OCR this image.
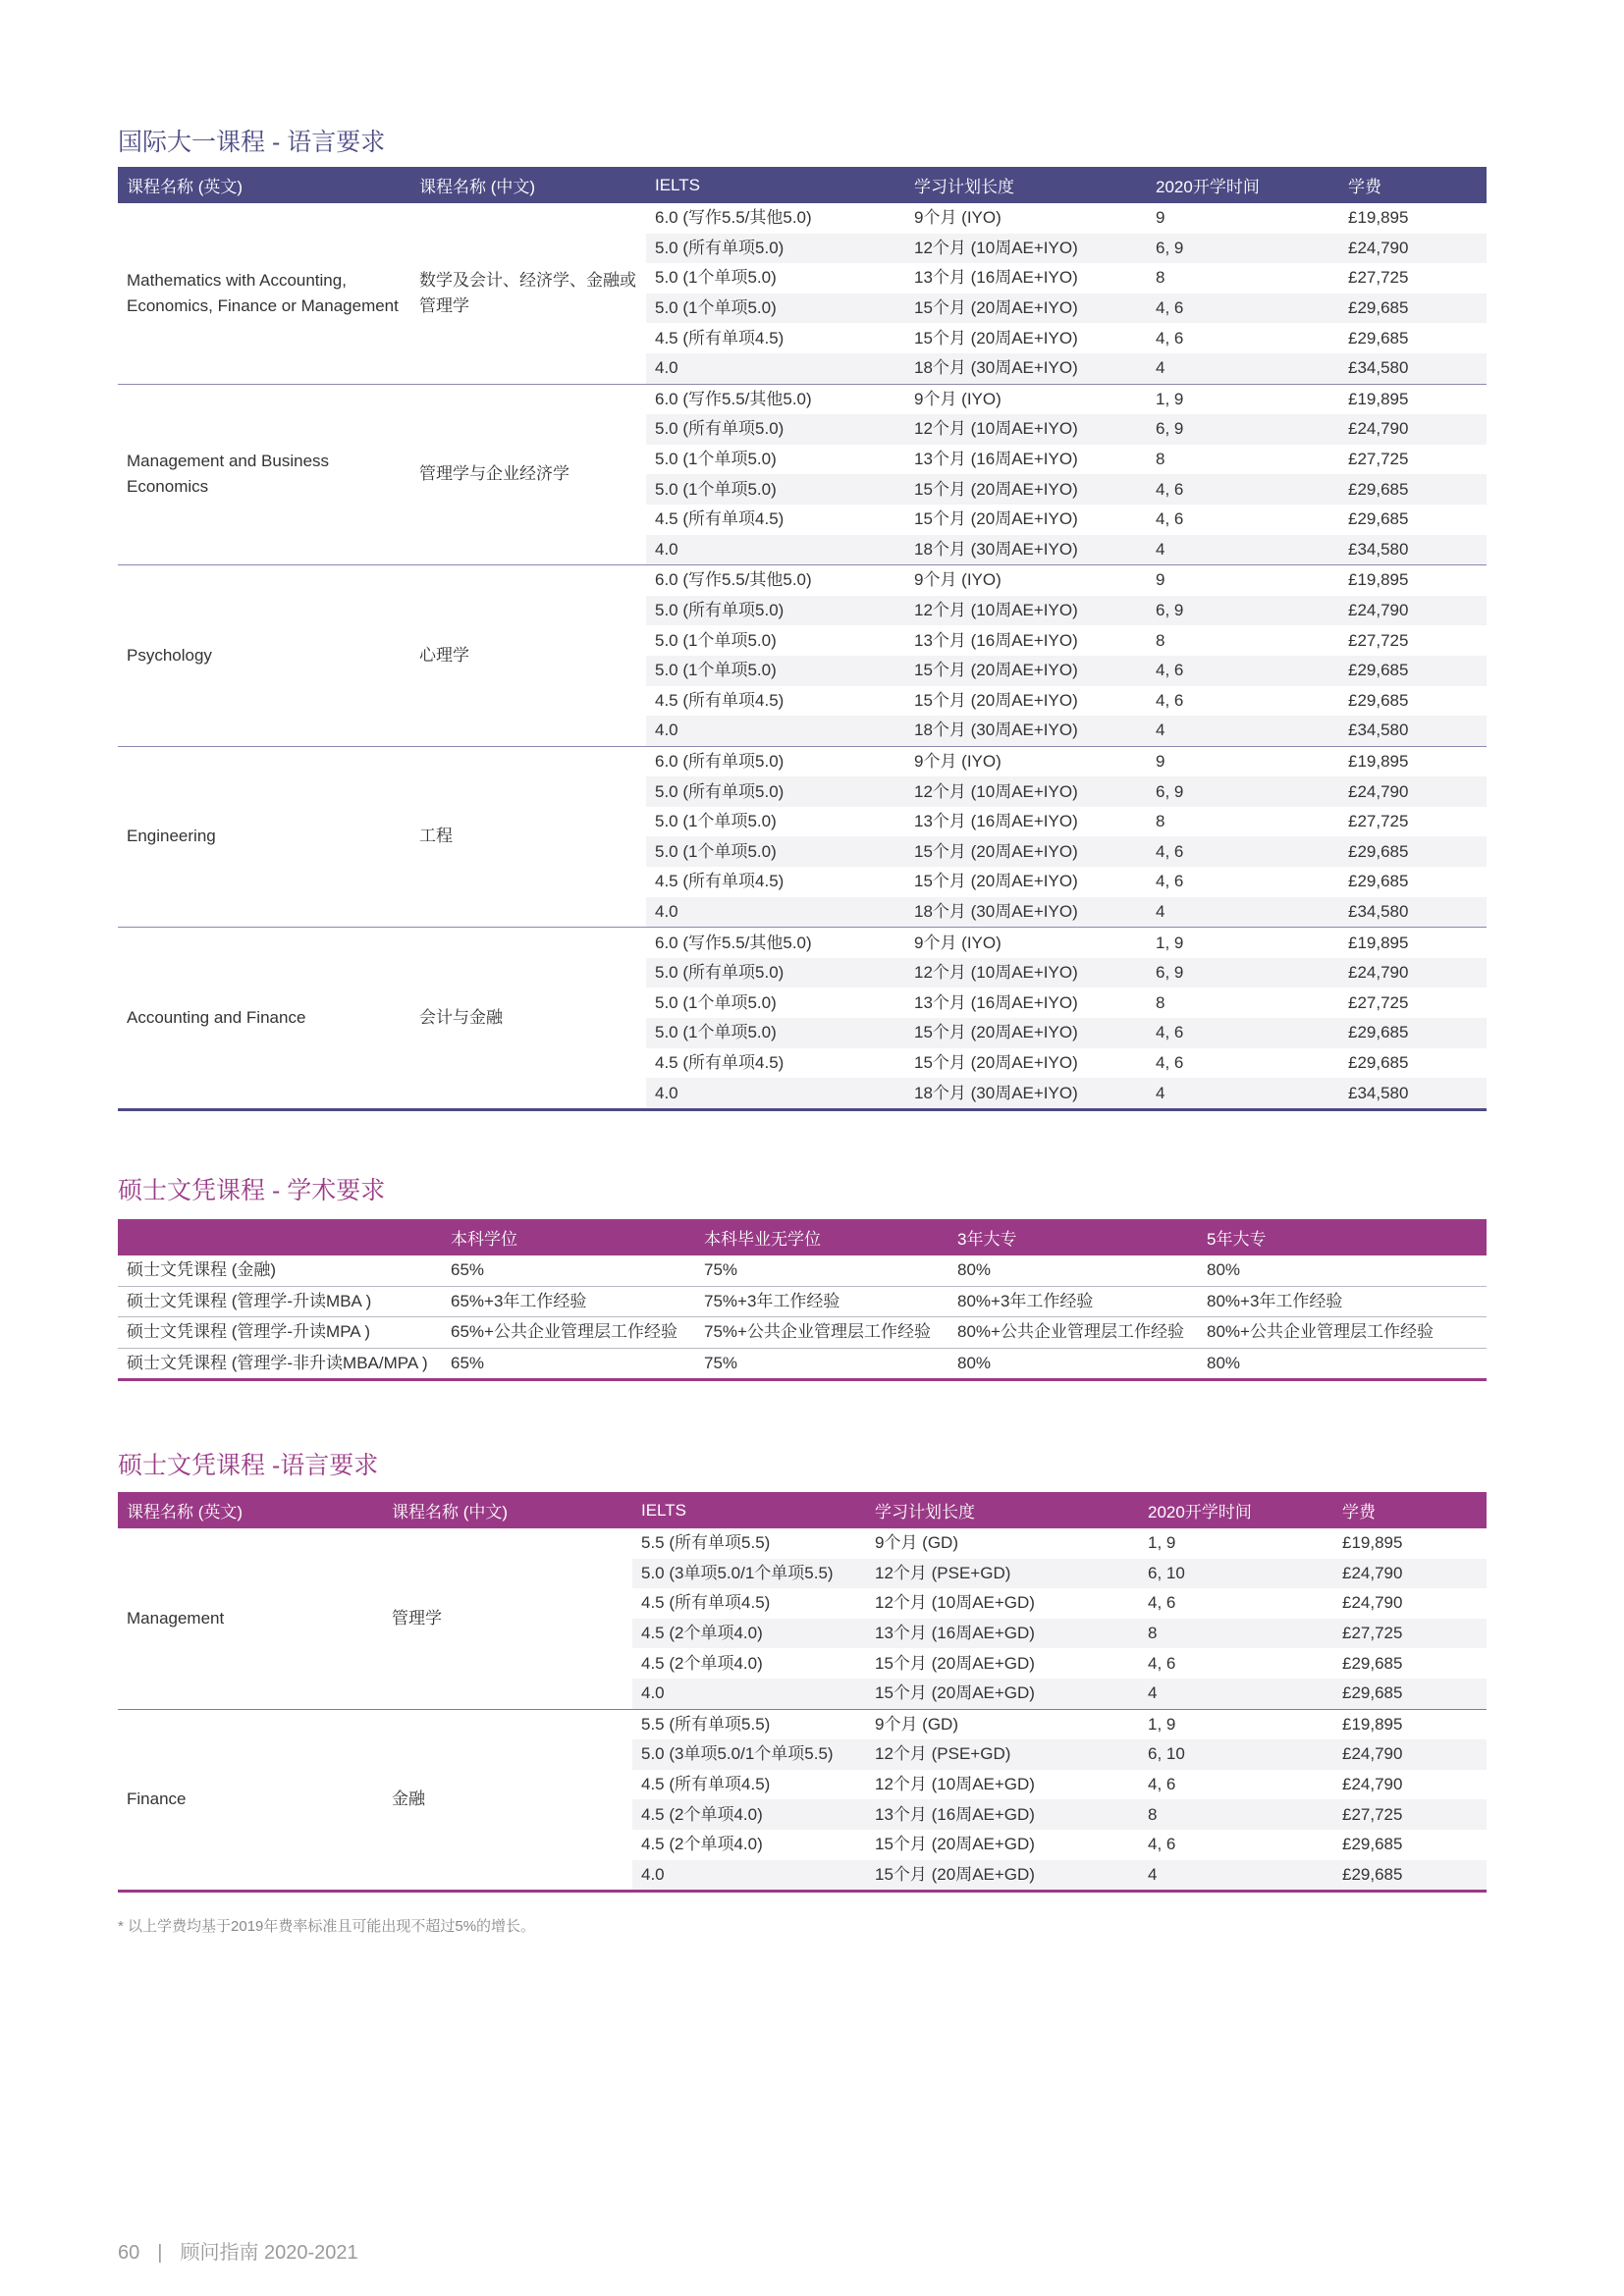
国际大一课程 - 语言要求
课程名称 (英文)	课程名称 (中文)	IELTS	学习计划长度	2020开学时间	学费
Mathematics with Accounting, Economics, Finance or Management	数学及会计、经济学、金融或管理学	6.0 (写作5.5/其他5.0)	9个月 (IYO)	9	£19,895
		5.0 (所有单项5.0)	12个月 (10周AE+IYO)	6, 9	£24,790
		5.0 (1个单项5.0)	13个月 (16周AE+IYO)	8	£27,725
		5.0 (1个单项5.0)	15个月 (20周AE+IYO)	4, 6	£29,685
		4.5 (所有单项4.5)	15个月 (20周AE+IYO)	4, 6	£29,685
		4.0	18个月 (30周AE+IYO)	4	£34,580
Management and Business Economics	管理学与企业经济学	6.0 (写作5.5/其他5.0)	9个月 (IYO)	1, 9	£19,895
		5.0 (所有单项5.0)	12个月 (10周AE+IYO)	6, 9	£24,790
		5.0 (1个单项5.0)	13个月 (16周AE+IYO)	8	£27,725
		5.0 (1个单项5.0)	15个月 (20周AE+IYO)	4, 6	£29,685
		4.5 (所有单项4.5)	15个月 (20周AE+IYO)	4, 6	£29,685
		4.0	18个月 (30周AE+IYO)	4	£34,580
Psychology	心理学	6.0 (写作5.5/其他5.0)	9个月 (IYO)	9	£19,895
		5.0 (所有单项5.0)	12个月 (10周AE+IYO)	6, 9	£24,790
		5.0 (1个单项5.0)	13个月 (16周AE+IYO)	8	£27,725
		5.0 (1个单项5.0)	15个月 (20周AE+IYO)	4, 6	£29,685
		4.5 (所有单项4.5)	15个月 (20周AE+IYO)	4, 6	£29,685
		4.0	18个月 (30周AE+IYO)	4	£34,580
Engineering	工程	6.0 (所有单项5.0)	9个月 (IYO)	9	£19,895
		5.0 (所有单项5.0)	12个月 (10周AE+IYO)	6, 9	£24,790
		5.0 (1个单项5.0)	13个月 (16周AE+IYO)	8	£27,725
		5.0 (1个单项5.0)	15个月 (20周AE+IYO)	4, 6	£29,685
		4.5 (所有单项4.5)	15个月 (20周AE+IYO)	4, 6	£29,685
		4.0	18个月 (30周AE+IYO)	4	£34,580
Accounting and Finance	会计与金融	6.0 (写作5.5/其他5.0)	9个月 (IYO)	1, 9	£19,895
		5.0 (所有单项5.0)	12个月 (10周AE+IYO)	6, 9	£24,790
		5.0 (1个单项5.0)	13个月 (16周AE+IYO)	8	£27,725
		5.0 (1个单项5.0)	15个月 (20周AE+IYO)	4, 6	£29,685
		4.5 (所有单项4.5)	15个月 (20周AE+IYO)	4, 6	£29,685
		4.0	18个月 (30周AE+IYO)	4	£34,580
硕士文凭课程 - 学术要求
	本科学位	本科毕业无学位	3年大专	5年大专
硕士文凭课程 (金融)	65%	75%	80%	80%
硕士文凭课程 (管理学-升读MBA )	65%+3年工作经验	75%+3年工作经验	80%+3年工作经验	80%+3年工作经验
硕士文凭课程 (管理学-升读MPA )	65%+公共企业管理层工作经验	75%+公共企业管理层工作经验	80%+公共企业管理层工作经验	80%+公共企业管理层工作经验
硕士文凭课程 (管理学-非升读MBA/MPA )	65%	75%	80%	80%
硕士文凭课程 -语言要求
课程名称 (英文)	课程名称 (中文)	IELTS	学习计划长度	2020开学时间	学费
Management	管理学	5.5 (所有单项5.5)	9个月 (GD)	1, 9	£19,895
		5.0 (3单项5.0/1个单项5.5)	12个月 (PSE+GD)	6, 10	£24,790
		4.5 (所有单项4.5)	12个月 (10周AE+GD)	4, 6	£24,790
		4.5 (2个单项4.0)	13个月 (16周AE+GD)	8	£27,725
		4.5 (2个单项4.0)	15个月 (20周AE+GD)	4, 6	£29,685
		4.0	15个月 (20周AE+GD)	4	£29,685
Finance	金融	5.5 (所有单项5.5)	9个月 (GD)	1, 9	£19,895
		5.0 (3单项5.0/1个单项5.5)	12个月 (PSE+GD)	6, 10	£24,790
		4.5 (所有单项4.5)	12个月 (10周AE+GD)	4, 6	£24,790
		4.5 (2个单项4.0)	13个月 (16周AE+GD)	8	£27,725
		4.5 (2个单项4.0)	15个月 (20周AE+GD)	4, 6	£29,685
		4.0	15个月 (20周AE+GD)	4	£29,685
* 以上学费均基于2019年费率标准且可能出现不超过5%的增长。
60 | 顾问指南 2020-2021
